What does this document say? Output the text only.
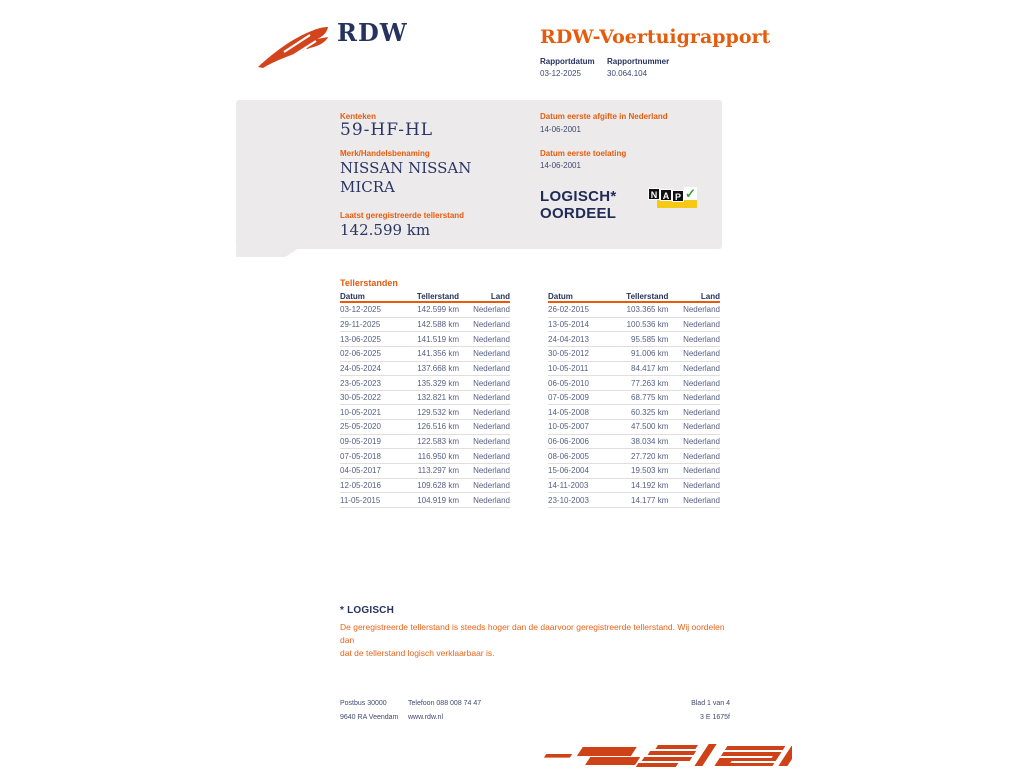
RDW	RDW-Voertuigrapport
Rapportdatum Rapportnummer
03-12-2025	30.064.104
Kenteken
59-HF-HL
Merk/Handelsbenaming
NISSAN NISSAN
MICRA
Laatst geregistreerde tellerstand
142.599 km
Datum eerste afgifte in Nederland
14-06-2001
Datum eerste toelating
14-06-2001
LOGISCH*
OORDEEL
N A P ✓
Tellerstanden
Datum	Tellerstand	Land
03-12-2025	142.599 km	Nederland
29-11-2025	142.588 km	Nederland
13-06-2025	141.519 km	Nederland
02-06-2025	141.356 km	Nederland
24-05-2024	137.668 km	Nederland
23-05-2023	135.329 km	Nederland
30-05-2022	132.821 km	Nederland
10-05-2021	129.532 km	Nederland
25-05-2020	126.516 km	Nederland
09-05-2019	122.583 km	Nederland
07-05-2018	116.950 km	Nederland
04-05-2017	113.297 km	Nederland
12-05-2016	109.628 km	Nederland
11-05-2015	104.919 km	Nederland
Datum	Tellerstand	Land
26-02-2015	103.365 km	Nederland
13-05-2014	100.536 km	Nederland
24-04-2013	95.585 km	Nederland
30-05-2012	91.006 km	Nederland
10-05-2011	84.417 km	Nederland
06-05-2010	77.263 km	Nederland
07-05-2009	68.775 km	Nederland
14-05-2008	60.325 km	Nederland
10-05-2007	47.500 km	Nederland
06-06-2006	38.034 km	Nederland
08-06-2005	27.720 km	Nederland
15-06-2004	19.503 km	Nederland
14-11-2003	14.192 km	Nederland
23-10-2003	14.177 km	Nederland
* LOGISCH
De geregistreerde tellerstand is steeds hoger dan de daarvoor geregistreerde tellerstand. Wij oordelen dan
dat de tellerstand logisch verklaarbaar is.
Postbus 30000
9640 RA Veendam
Telefoon 088 008 74 47
www.rdw.nl
Blad 1 van 4
3 E 1675f
